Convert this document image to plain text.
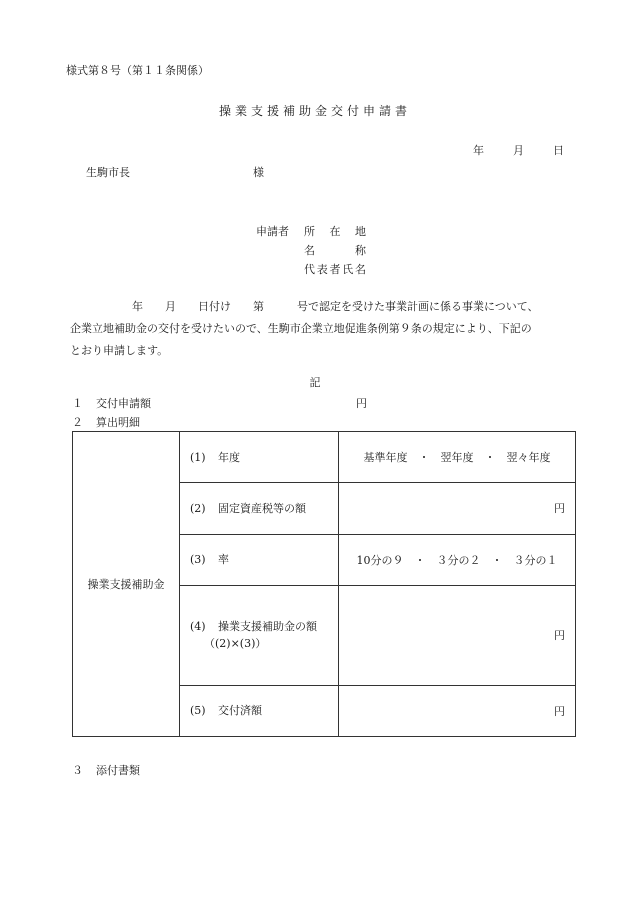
様式第８号（第１１条関係）
操業支援補助金交付申請書
年	月	日
生駒市長	様
申請者	所在地
名称
代表者氏名
年　　月　　日付け　　第　　　号で認定を受けた事業計画に係る事業について、
企業立地補助金の交付を受けたいので、生駒市企業立地促進条例第９条の規定により、下記の
とおり申請します。
記
１ 交付申請額	円
２ 算出明細
操業支援補助金	(1) 年度	基準年度　・　翌年度　・　翌々年度
	(2) 固定資産税等の額	円
	(3) 率	10分の９　・　３分の２　・　３分の１

	(4) 操業支援補助金の額
（(2)×(3)）	円
	(5) 交付済額	円
３ 添付書類
